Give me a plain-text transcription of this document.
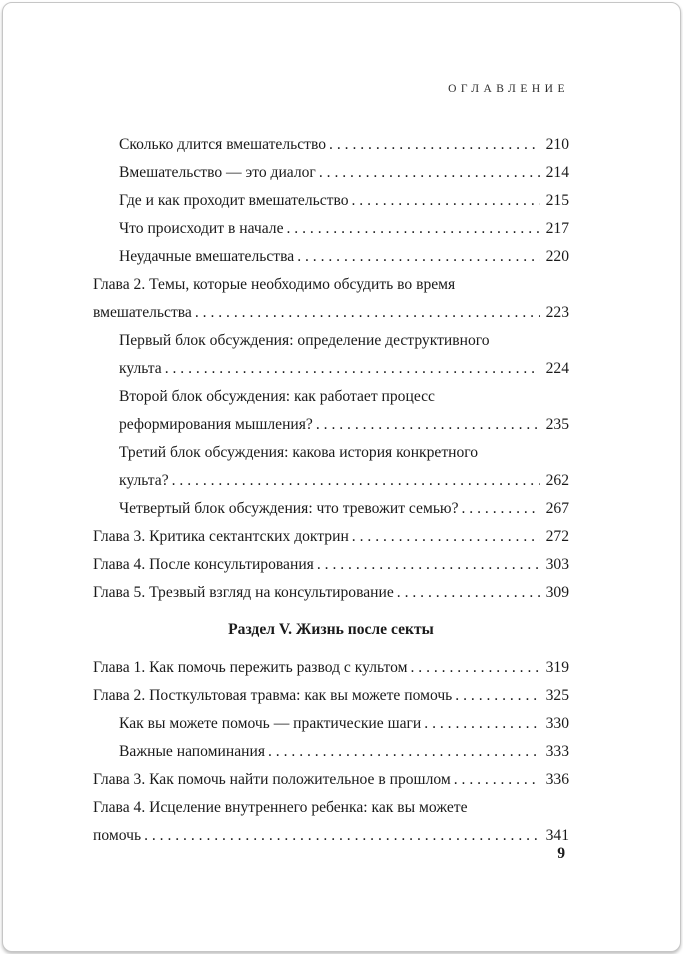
ОГЛАВЛЕНИЕ
Сколько длится вмешательство . . .	210
Вмешательство — это диалог . . .	214
Где и как проходит вмешательство . . .	215
Что происходит в начале . . .	217
Неудачные вмешательства . . .	220
Глава 2. Темы, которые необходимо обсудить во время
вмешательства . . .	223
Первый блок обсуждения: определение деструктивного
культа . . .	224
Второй блок обсуждения: как работает процесс
реформирования мышления? . . .	235
Третий блок обсуждения: какова история конкретного
культа? . . .	262
Четвертый блок обсуждения: что тревожит семью? . . .	267
Глава 3. Критика сектантских доктрин . . .	272
Глава 4. После консультирования . . .	303
Глава 5. Трезвый взгляд на консультирование . . .	309
Раздел V. Жизнь после секты
Глава 1. Как помочь пережить развод с культом . . .	319
Глава 2. Посткультовая травма: как вы можете помочь . . .	325
Как вы можете помочь — практические шаги . . .	330
Важные напоминания . . .	333
Глава 3. Как помочь найти положительное в прошлом . . .	336
Глава 4. Исцеление внутреннего ребенка: как вы можете
помочь . . .	341
9
